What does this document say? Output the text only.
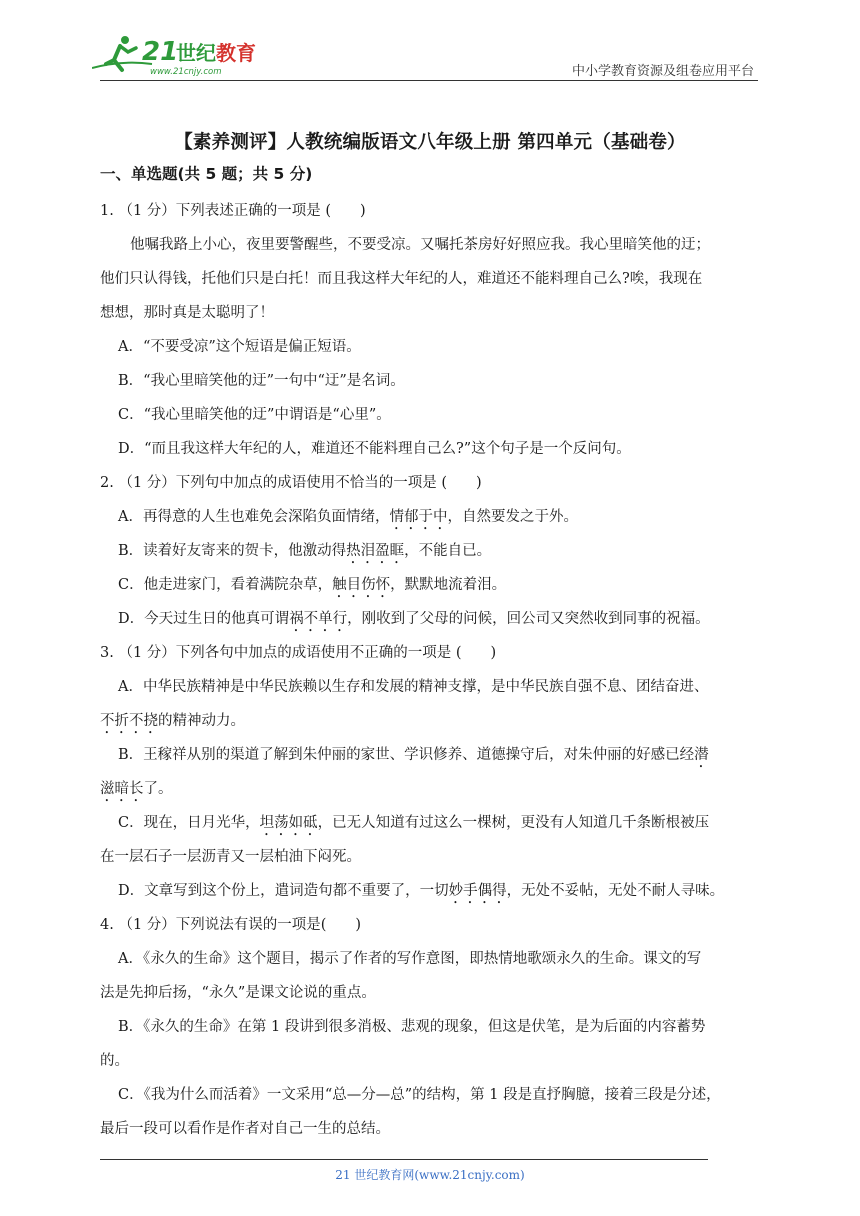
21
世纪 教育
www.21cnjy.com	中小学教育资源及组卷应用平台
【素养测评】人教统编版语文八年级上册 第四单元（基础卷）
一、单选题(共 5 题；共 5 分)
1. （1 分）下列表述正确的一项是 (　　)
他嘱我路上小心，夜里要警醒些，不要受凉。又嘱托茶房好好照应我。我心里暗笑他的迂；
他们只认得钱，托他们只是白托！而且我这样大年纪的人，难道还不能料理自己么?唉，我现在
想想，那时真是太聪明了！
A．“不要受凉”这个短语是偏正短语。
B．“我心里暗笑他的迂”一句中“迂”是名词。
C．“我心里暗笑他的迂”中谓语是“心里”。
D．“而且我这样大年纪的人，难道还不能料理自己么?”这个句子是一个反问句。
2. （1 分）下列句中加点的成语使用不恰当的一项是 (　　)
A．再得意的人生也难免会深陷负面情绪，情郁于中，自然要发之于外。
B．读着好友寄来的贺卡，他激动得热泪盈眶，不能自已。
C．他走进家门，看着满院杂草，触目伤怀，默默地流着泪。
D．今天过生日的他真可谓祸不单行，刚收到了父母的问候，回公司又突然收到同事的祝福。
3. （1 分）下列各句中加点的成语使用不正确的一项是 (　　)
A．中华民族精神是中华民族赖以生存和发展的精神支撑，是中华民族自强不息、团结奋进、
不折不挠的精神动力。
B．王稼祥从别的渠道了解到朱仲丽的家世、学识修养、道德操守后，对朱仲丽的好感已经潜
滋暗长了。
C．现在，日月光华，坦荡如砥，已无人知道有过这么一棵树，更没有人知道几千条断根被压
在一层石子一层沥青又一层柏油下闷死。
D．文章写到这个份上，遣词造句都不重要了，一切妙手偶得，无处不妥帖，无处不耐人寻味。
4. （1 分）下列说法有误的一项是(　　)
A．《永久的生命》这个题目，揭示了作者的写作意图，即热情地歌颂永久的生命。课文的写
法是先抑后扬，“永久”是课文论说的重点。
B．《永久的生命》在第 1 段讲到很多消极、悲观的现象，但这是伏笔，是为后面的内容蓄势
的。
C．《我为什么而活着》一文采用“总—分—总”的结构，第 1 段是直抒胸臆，接着三段是分述，
最后一段可以看作是作者对自己一生的总结。
21 世纪教育网(www.21cnjy.com)
